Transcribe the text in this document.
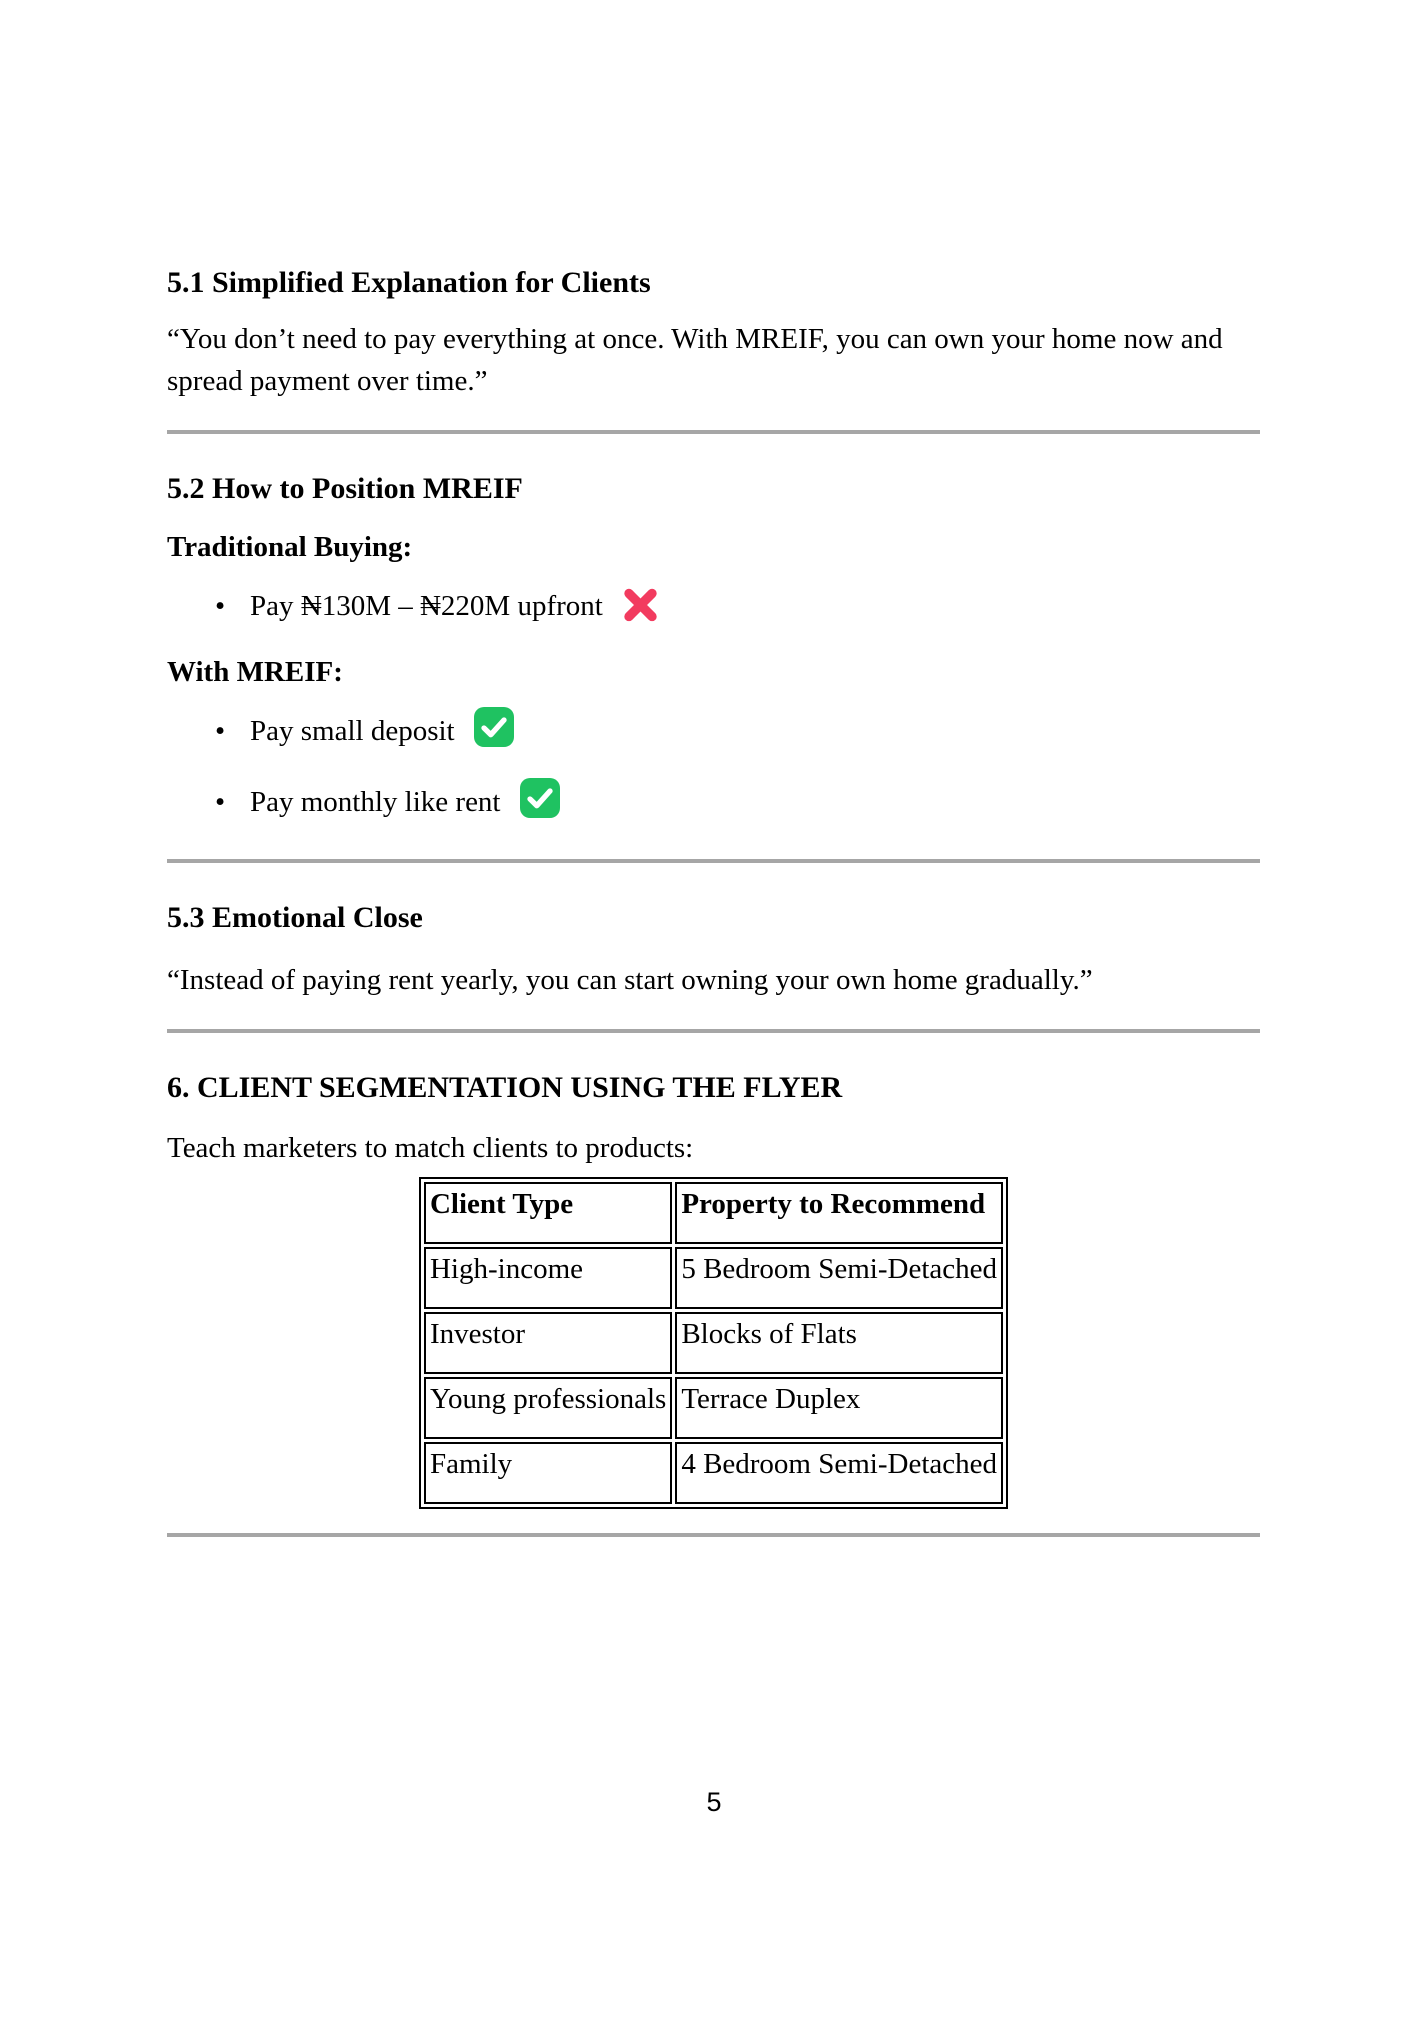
5.1 Simplified Explanation for Clients

“You don’t need to pay everything at once. With MREIF, you can own your home now and spread payment over time.”

5.2 How to Position MREIF

Traditional Buying:

• Pay ₦130M – ₦220M upfront

With MREIF:

• Pay small deposit
• Pay monthly like rent
5.3 Emotional Close

“Instead of paying rent yearly, you can start owning your own home gradually.”

6. CLIENT SEGMENTATION USING THE FLYER

Teach marketers to match clients to products:

Client Type	Property to Recommend
High-income	5 Bedroom Semi-Detached
Investor	Blocks of Flats
Young professionals	Terrace Duplex
Family	4 Bedroom Semi-Detached
5
